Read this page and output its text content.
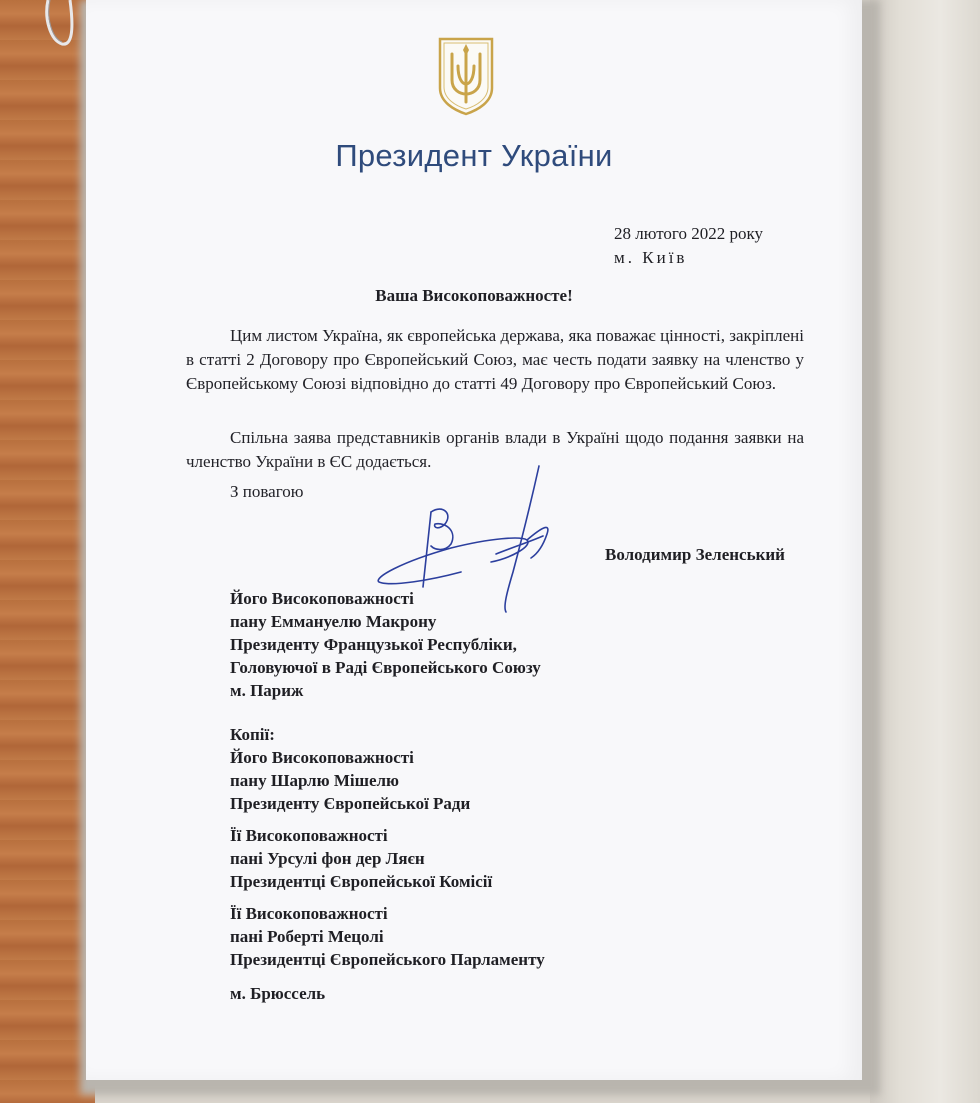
Президент України
28 лютого 2022 року
м. Київ
Ваша Високоповажносте!

Цим листом Україна, як європейська держава, яка поважає цінності, закріплені в статті 2 Договору про Європейський Союз, має честь подати заявку на членство у Європейському Союзі відповідно до статті 49 Договору про Європейський Союз.

Спільна заява представників органів влади в Україні щодо подання заявки на членство України в ЄС додається.

З повагою
Володимир Зеленський
Його Високоповажності
пану Еммануелю Макрону
Президенту Французької Республіки,
Головуючої в Раді Європейського Союзу
м. Париж
Копії:
Його Високоповажності
пану Шарлю Мішелю
Президенту Європейської Ради
Її Високоповажності
пані Урсулі фон дер Ляєн
Президентці Європейської Комісії
Її Високоповажності
пані Роберті Мецолі
Президентці Європейського Парламенту
м. Брюссель
